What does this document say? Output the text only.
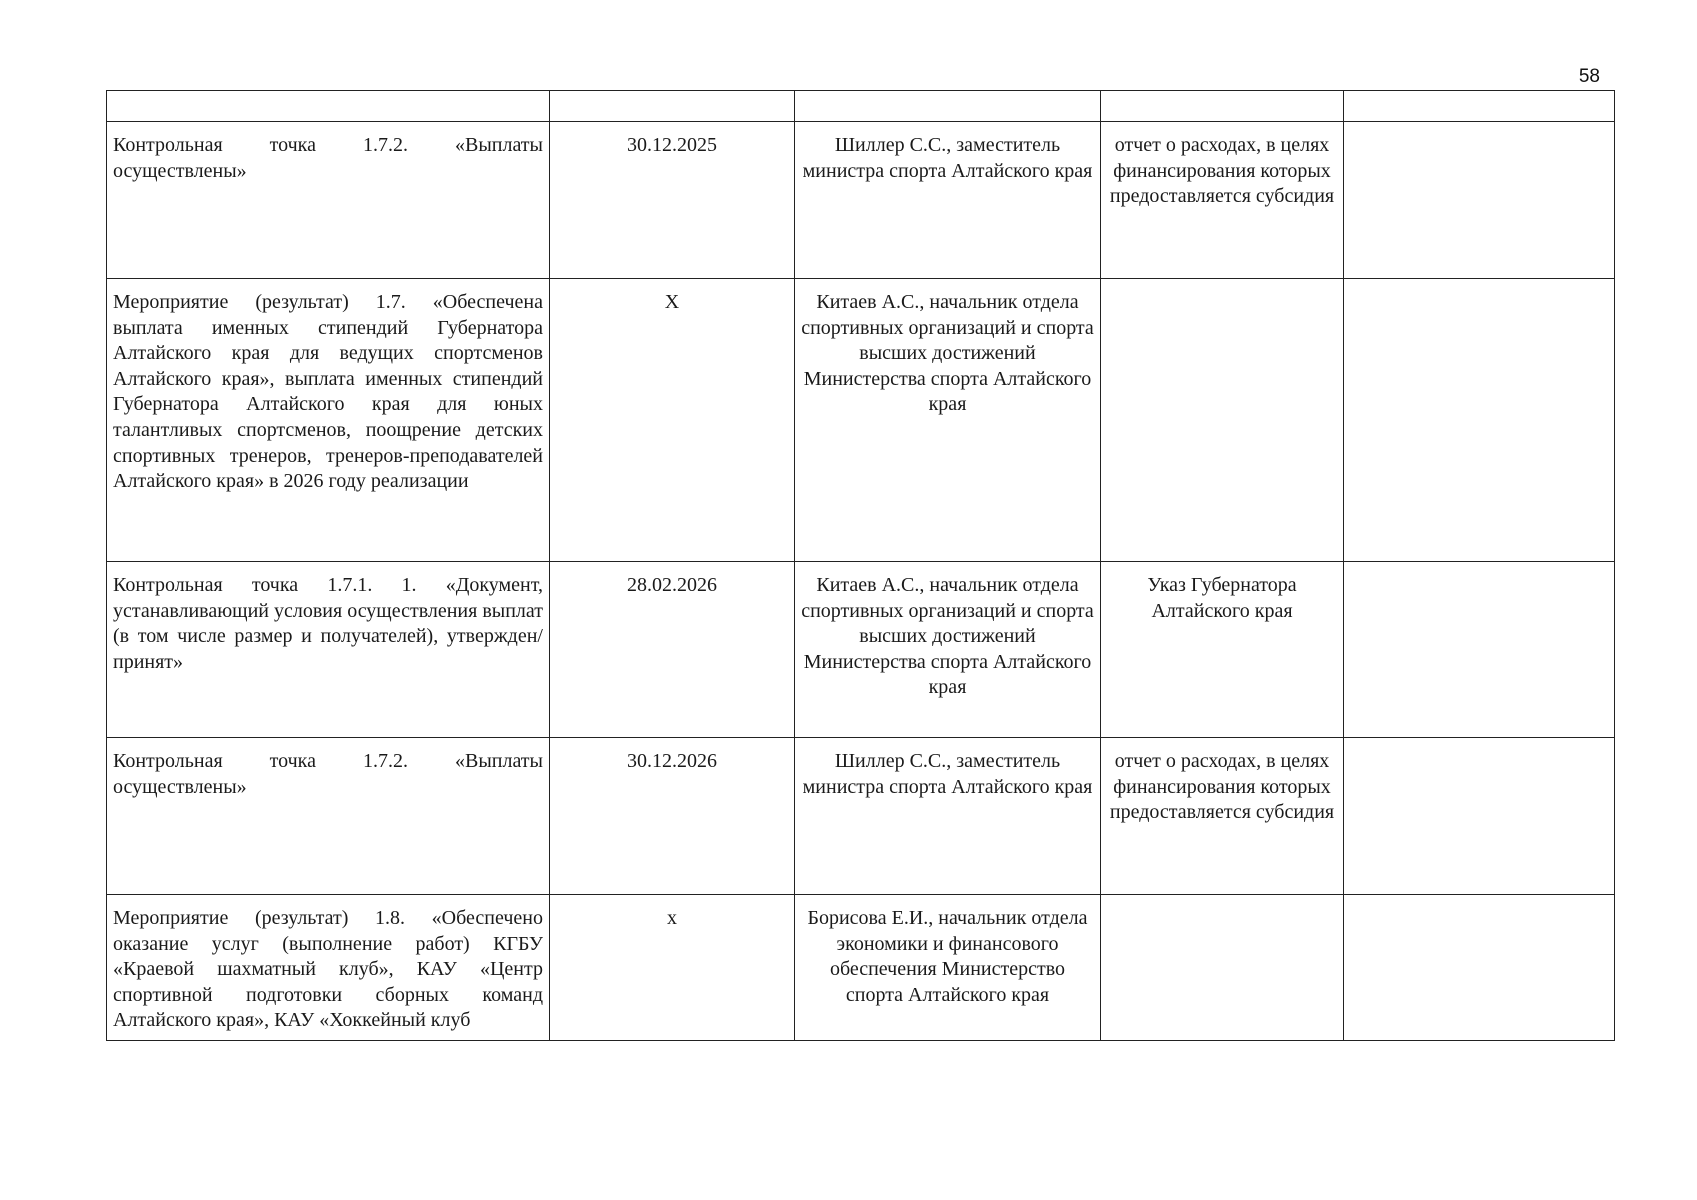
58

Контрольная точка 1.7.2. «Выплаты осуществлены»	30.12.2025	Шиллер С.С., заместитель министра спорта Алтайского края	отчет о расходах, в целях финансирования которых предоставляется субсидия	

Мероприятие (результат) 1.7. «Обеспечена выплата именных стипендий Губернатора Алтайского края для ведущих спортсменов Алтайского края», выплата именных стипендий Губернатора Алтайского края для юных талантливых спортсменов, поощрение детских спортивных тренеров, тренеров-преподавателей Алтайского края» в 2026 году реализации	Х	Китаев А.С., начальник отдела спортивных организаций и спорта высших достижений Министерства спорта Алтайского края		

Контрольная точка 1.7.1. 1. «Документ, устанавливающий условия осуществления выплат (в том числе размер и получателей), утвержден/принят»	28.02.2026	Китаев А.С., начальник отдела спортивных организаций и спорта высших достижений Министерства спорта Алтайского края	Указ Губернатора Алтайского края	

Контрольная точка 1.7.2. «Выплаты осуществлены»	30.12.2026	Шиллер С.С., заместитель министра спорта Алтайского края	отчет о расходах, в целях финансирования которых предоставляется субсидия	

Мероприятие (результат) 1.8. «Обеспечено оказание услуг (выполнение работ) КГБУ «Краевой шахматный клуб», КАУ «Центр спортивной подготовки сборных команд Алтайского края», КАУ «Хоккейный клуб	х	Борисова Е.И., начальник отдела экономики и финансового обеспечения Министерство спорта Алтайского края		
